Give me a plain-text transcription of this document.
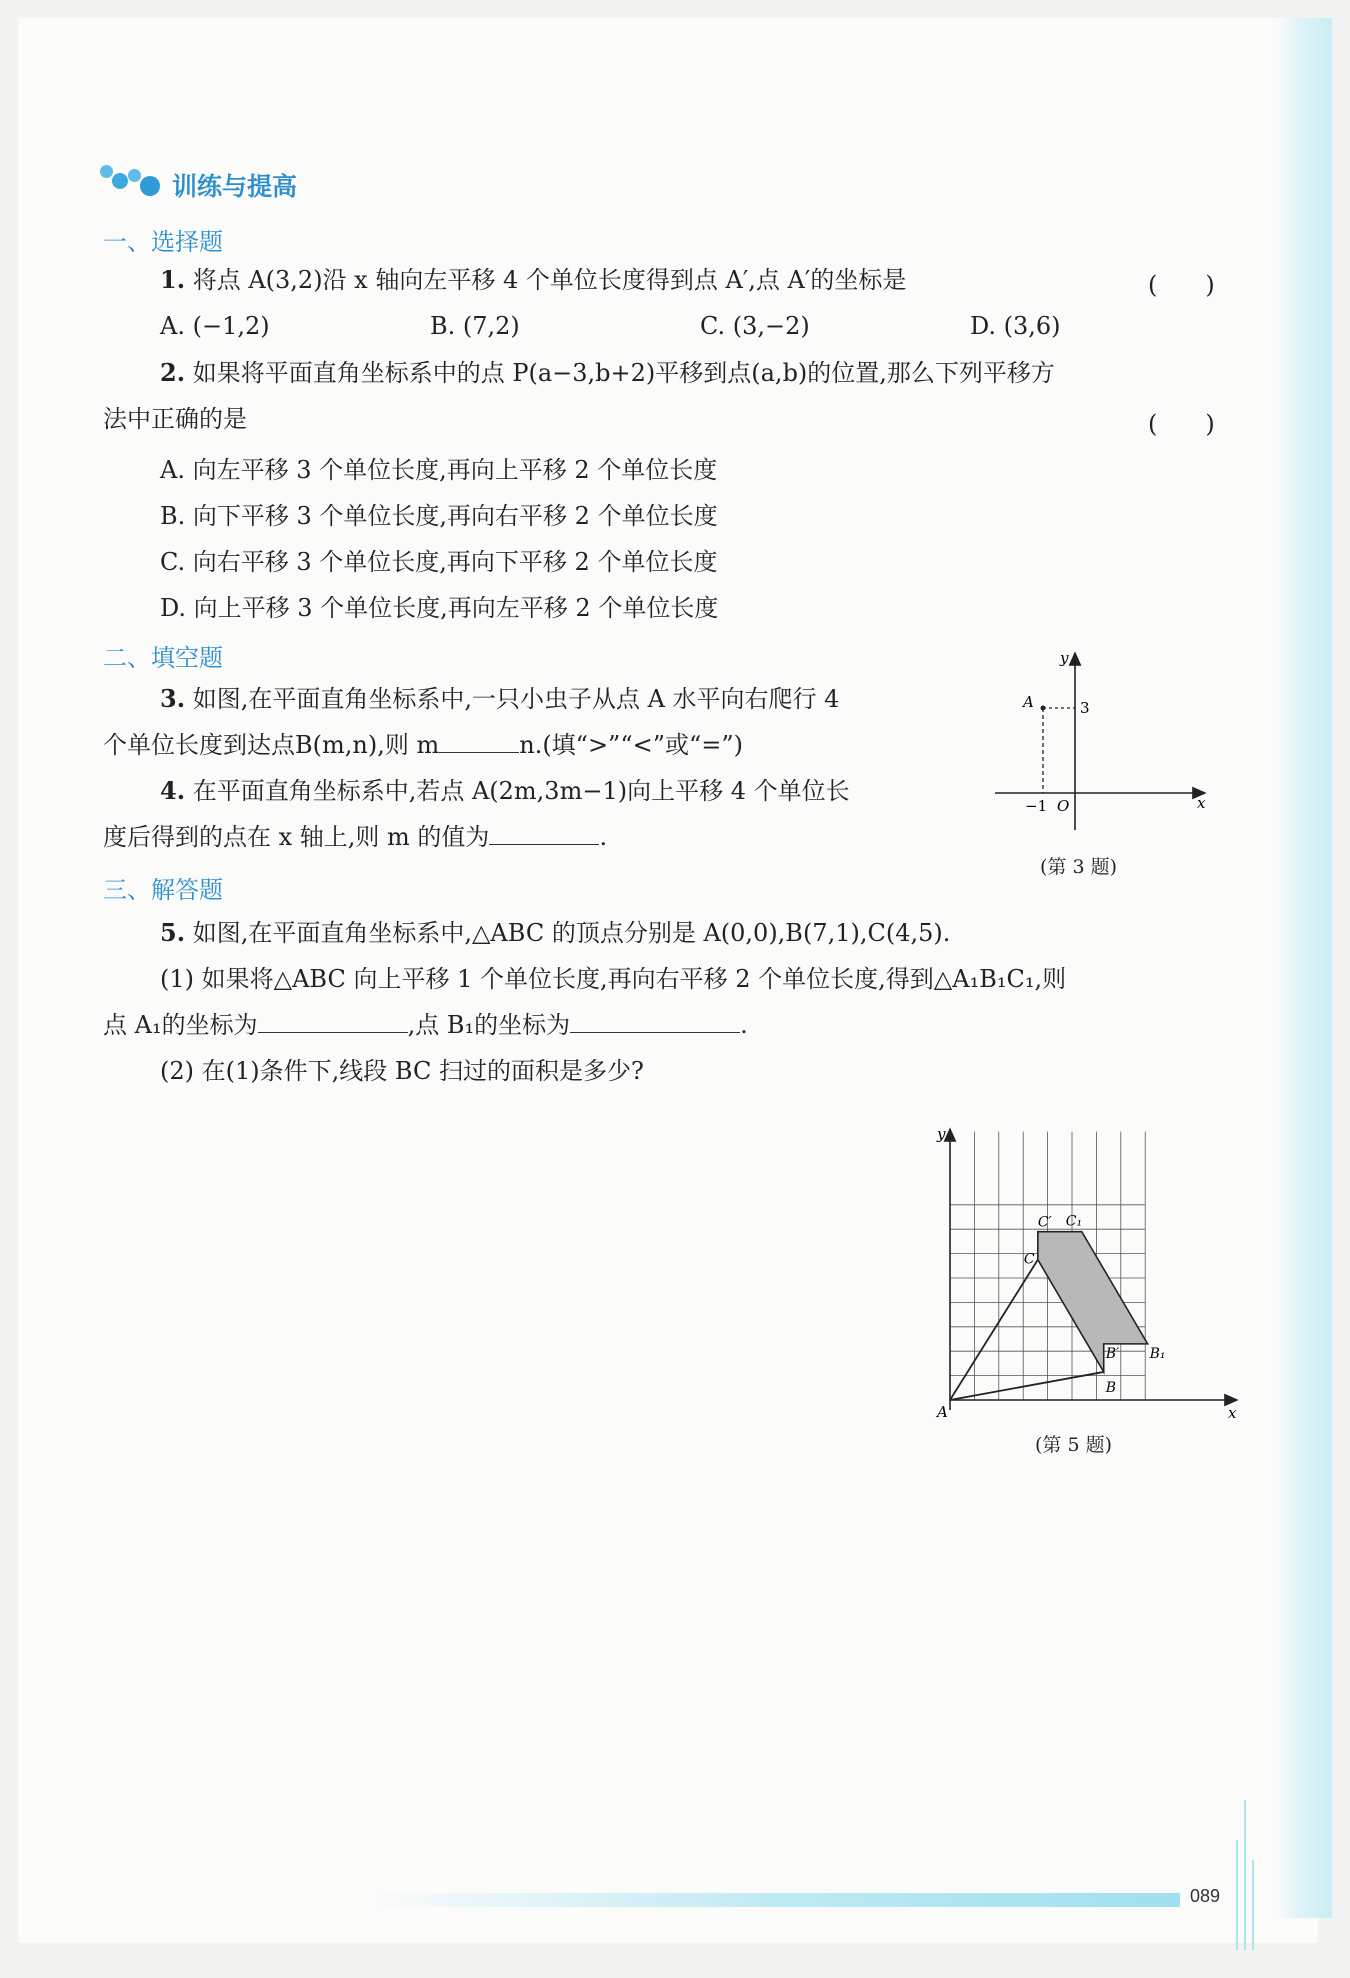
089
训练与提高
一、选择题
1. 将点 A(3,2)沿 x 轴向左平移 4 个单位长度得到点 A′,点 A′的坐标是	(　　)
A. (−1,2)	B. (7,2)	C. (3,−2)	D. (3,6)
2. 如果将平面直角坐标系中的点 P(a−3,b+2)平移到点(a,b)的位置,那么下列平移方
法中正确的是	(　　)
A. 向左平移 3 个单位长度,再向上平移 2 个单位长度
B. 向下平移 3 个单位长度,再向右平移 2 个单位长度
C. 向右平移 3 个单位长度,再向下平移 2 个单位长度
D. 向上平移 3 个单位长度,再向左平移 2 个单位长度
二、填空题
3. 如图,在平面直角坐标系中,一只小虫子从点 A 水平向右爬行 4
个单位长度到达点B(m,n),则 m	n.(填“>”“<”或“=”)
4. 在平面直角坐标系中,若点 A(2m,3m−1)向上平移 4 个单位长
度后得到的点在 x 轴上,则 m 的值为	.
A	3
−1 O
y
x
(第 3 题)
三、解答题
5. 如图,在平面直角坐标系中,△ABC 的顶点分别是 A(0,0),B(7,1),C(4,5).
(1) 如果将△ABC 向上平移 1 个单位长度,再向右平移 2 个单位长度,得到△A₁B₁C₁,则
点 A₁的坐标为	,点 B₁的坐标为	.
(2) 在(1)条件下,线段 BC 扫过的面积是多少?
y
x
A
B
B′ B₁
C
C′ C₁
(第 5 题)
